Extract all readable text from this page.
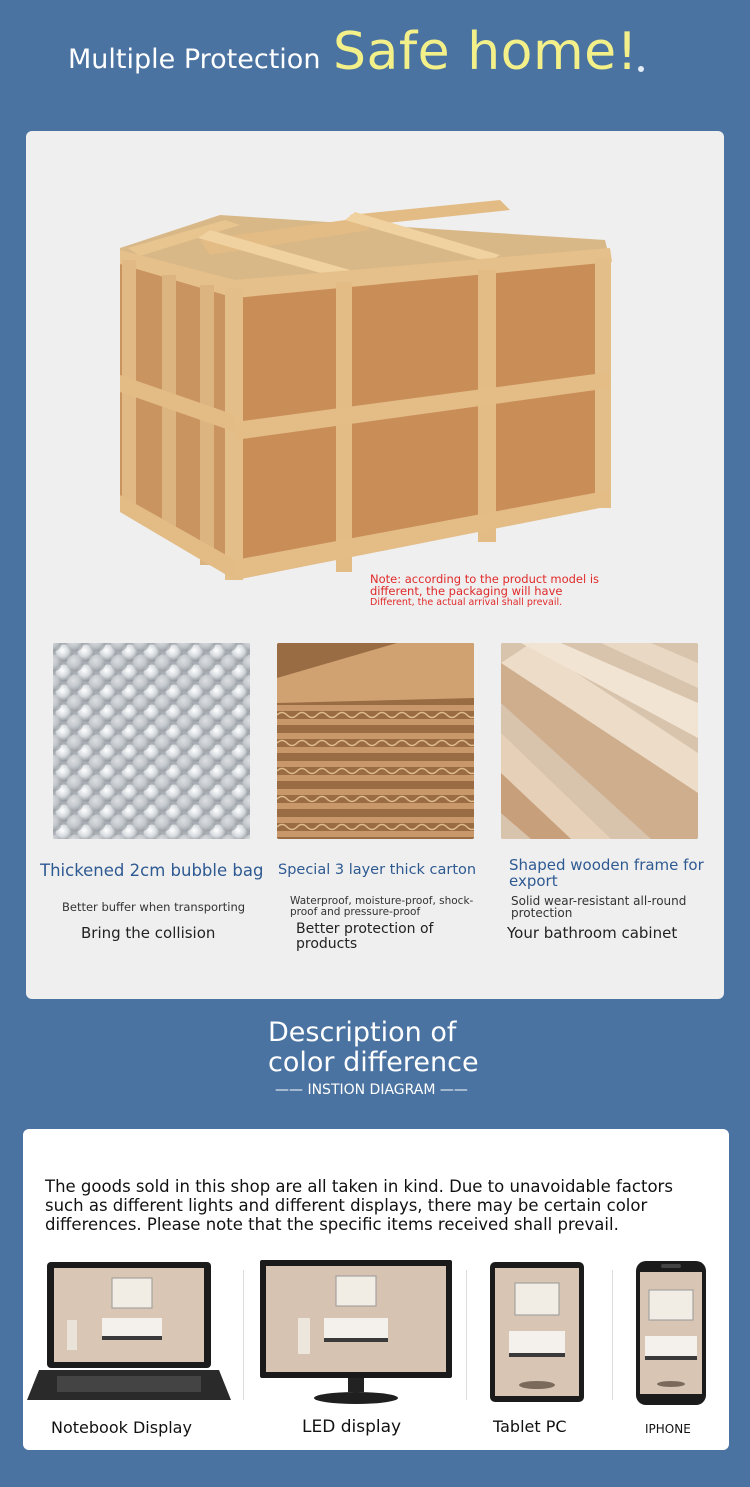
Multiple Protection Safe home!
Note: according to the product model is different, the packaging will have
Different, the actual arrival shall prevail.
Thickened 2cm bubble bag Special 3 layer thick carton Shaped wooden frame for export
Better buffer when transporting	Waterproof, moisture-proof, shock-proof and pressure-proof
Solid wear-resistant all-round protection
Bring the collision	Better protection of products
Your bathroom cabinet
Description of
color difference
—— INSTION DIAGRAM ——
The goods sold in this shop are all taken in kind. Due to unavoidable factors such as different lights and different displays, there may be certain color differences. Please note that the specific items received shall prevail.
Notebook Display	LED display	Tablet PC	IPHONE
